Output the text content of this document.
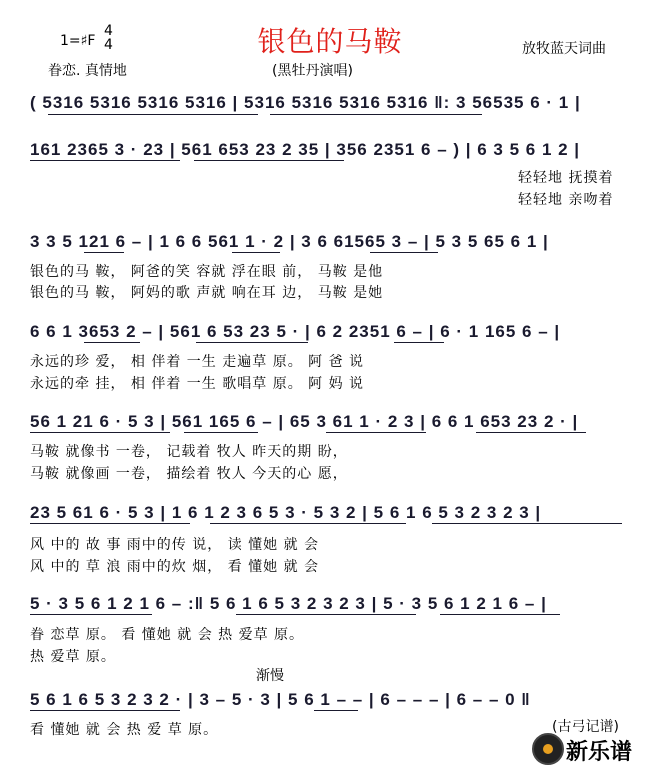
1=♯F
4
4	银色的马鞍	放牧蓝天词曲
眷恋. 真情地	(黑牡丹演唱)
( 5316 5316 5316 5316 | 5316 5316 5316 5316 ‖: 3 56535 6 · 1 |
161 2365 3 · 23 | 561 653 23 2 35 | 356 2351 6 – ) | 6 3 5 6 1 2 |
轻轻地 抚摸着
轻轻地 亲吻着
3 3 5 121 6 – | 1 6 6 561 1 · 2 | 3 6 61565 3 – | 5 3 5 65 6 1 |
银色的马 鞍， 阿爸的笑 容就 浮在眼 前， 马鞍 是他
银色的马 鞍， 阿妈的歌 声就 响在耳 边， 马鞍 是她
6 6 1 3653 2 – | 561 6 53 23 5 · | 6 2 2351 6 – | 6 · 1 165 6 – |
永远的珍 爱， 相 伴着 一生 走遍草 原。 阿 爸 说
永远的牵 挂， 相 伴着 一生 歌唱草 原。 阿 妈 说
56 1 21 6 · 5 3 | 561 165 6 – | 65 3 61 1 · 2 3 | 6 6 1 653 23 2 · |
马鞍 就像书 一卷， 记载着 牧人 昨天的期 盼，
马鞍 就像画 一卷， 描绘着 牧人 今天的心 愿，
23 5 61 6 · 5 3 | 1 6 1 2 3 6 5 3 · 5 3 2 | 5 6 1 6 5 3 2 3 2 3 |
风 中的 故 事 雨中的传 说， 读 懂她 就 会
风 中的 草 浪 雨中的炊 烟， 看 懂她 就 会
5 · 3 5 6 1 2 1 6 – :‖ 5 6 1 6 5 3 2 3 2 3 | 5 · 3 5 6 1 2 1 6 – |
眷 恋草 原。 看 懂她 就 会 热 爱草 原。
热 爱草 原。
渐慢
5 6 1 6 5 3 2 3 2 · | 3 – 5 · 3 | 5 6 1 – – | 6 – – – | 6 – – 0 ‖
看 懂她 就 会 热 爱 草 原。	(古弓记谱)
新乐谱
